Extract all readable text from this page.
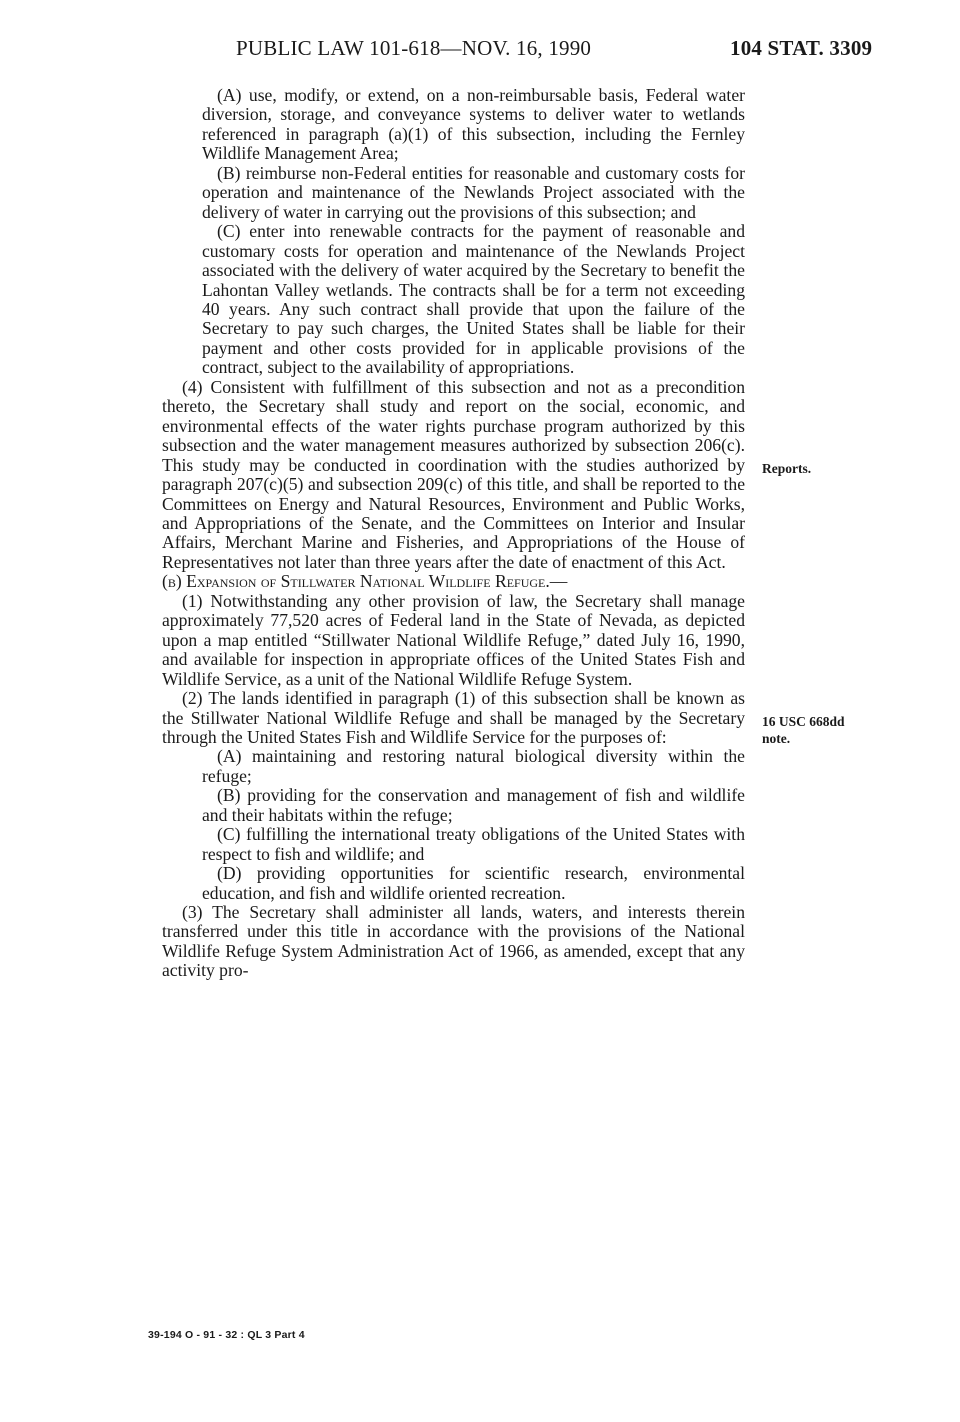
PUBLIC LAW 101-618—NOV. 16, 1990	104 STAT. 3309

(A) use, modify, or extend, on a non-reimbursable basis, Federal water diversion, storage, and conveyance systems to deliver water to wetlands referenced in paragraph (a)(1) of this subsection, including the Fernley Wildlife Management Area;

(B) reimburse non-Federal entities for reasonable and customary costs for operation and maintenance of the Newlands Project associated with the delivery of water in carrying out the provisions of this subsection; and

(C) enter into renewable contracts for the payment of reasonable and customary costs for operation and maintenance of the Newlands Project associated with the delivery of water acquired by the Secretary to benefit the Lahontan Valley wetlands. The contracts shall be for a term not exceeding 40 years. Any such contract shall provide that upon the failure of the Secretary to pay such charges, the United States shall be liable for their payment and other costs provided for in applicable provisions of the contract, subject to the availability of appropriations.

(4) Consistent with fulfillment of this subsection and not as a precondition thereto, the Secretary shall study and report on the social, economic, and environmental effects of the water rights purchase program authorized by this subsection and the water management measures authorized by subsection 206(c). This study may be conducted in coordination with the studies authorized by paragraph 207(c)(5) and subsection 209(c) of this title, and shall be reported to the Committees on Energy and Natural Resources, Environment and Public Works, and Appropriations of the Senate, and the Committees on Interior and Insular Affairs, Merchant Marine and Fisheries, and Appropriations of the House of Representatives not later than three years after the date of enactment of this Act.

(b) Expansion of Stillwater National Wildlife Refuge.—

(1) Notwithstanding any other provision of law, the Secretary shall manage approximately 77,520 acres of Federal land in the State of Nevada, as depicted upon a map entitled “Stillwater National Wildlife Refuge,” dated July 16, 1990, and available for inspection in appropriate offices of the United States Fish and Wildlife Service, as a unit of the National Wildlife Refuge System.

(2) The lands identified in paragraph (1) of this subsection shall be known as the Stillwater National Wildlife Refuge and shall be managed by the Secretary through the United States Fish and Wildlife Service for the purposes of:

(A) maintaining and restoring natural biological diversity within the refuge;

(B) providing for the conservation and management of fish and wildlife and their habitats within the refuge;

(C) fulfilling the international treaty obligations of the United States with respect to fish and wildlife; and

(D) providing opportunities for scientific research, environmental education, and fish and wildlife oriented recreation.

(3) The Secretary shall administer all lands, waters, and interests therein transferred under this title in accordance with the provisions of the National Wildlife Refuge System Administration Act of 1966, as amended, except that any activity pro-

Reports.
16 USC 668dd note.
39-194 O - 91 - 32 : QL 3 Part 4
